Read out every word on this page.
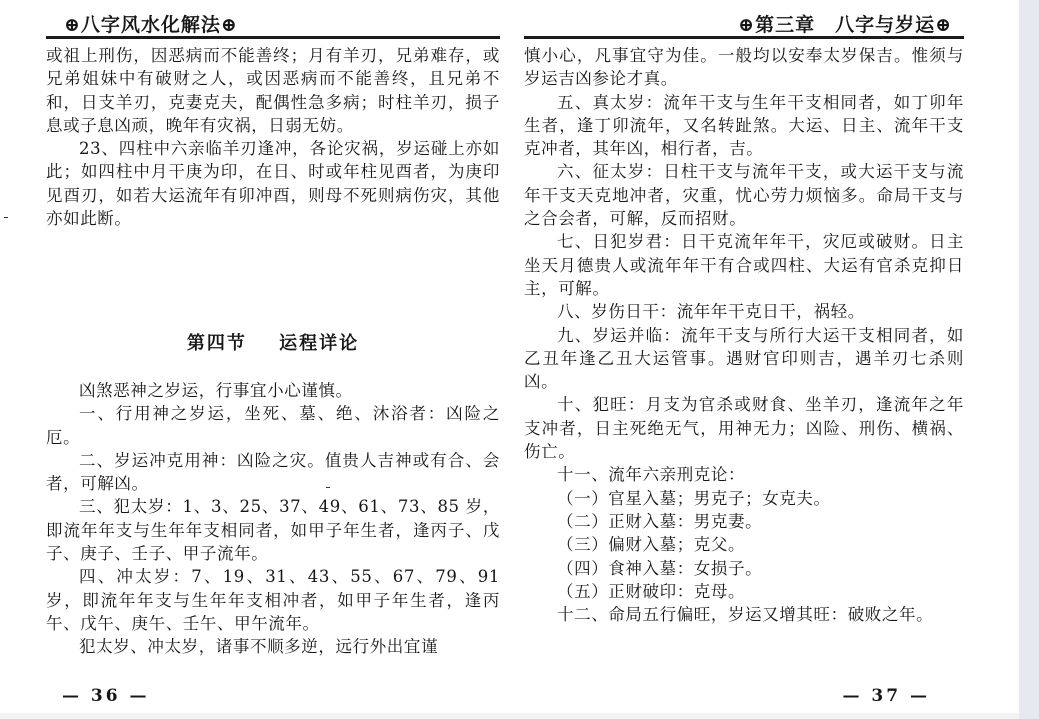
⊕八字风水化解法⊕

或祖上刑伤，因恶病而不能善终；月有羊刃，兄弟难存，或兄弟姐妹中有破财之人，或因恶病而不能善终，且兄弟不和，日支羊刃，克妻克夫，配偶性急多病；时柱羊刃，损子息或子息凶顽，晚年有灾祸，日弱无妨。

23、四柱中六亲临羊刃逢冲，各论灾祸，岁运碰上亦如此；如四柱中月干庚为印，在日、时或年柱见酉者，为庚印见酉刃，如若大运流年有卯冲酉，则母不死则病伤灾，其他亦如此断。

第四节 运程详论

凶煞恶神之岁运，行事宜小心谨慎。

一、行用神之岁运，坐死、墓、绝、沐浴者：凶险之厄。

二、岁运冲克用神：凶险之灾。值贵人吉神或有合、会者，可解凶。

三、犯太岁：1、3、25、37、49、61、73、85 岁，即流年年支与生年年支相同者，如甲子年生者，逢丙子、戊子、庚子、壬子、甲子流年。

四、冲太岁：7、19、31、43、55、67、79、91 岁，即流年年支与生年年支相冲者，如甲子年生者，逢丙午、戊午、庚午、壬午、甲午流年。

犯太岁、冲太岁，诸事不顺多逆，远行外出宜谨

— 36 —
⊕第三章　八字与岁运⊕

慎小心，凡事宜守为佳。一般均以安奉太岁保吉。惟须与岁运吉凶参论才真。

五、真太岁：流年干支与生年干支相同者，如丁卯年生者，逢丁卯流年，又名转趾煞。大运、日主、流年干支克冲者，其年凶，相行者，吉。

六、征太岁：日柱干支与流年干支，或大运干支与流年干支天克地冲者，灾重，忧心劳力烦恼多。命局干支与之合会者，可解，反而招财。

七、日犯岁君：日干克流年年干，灾厄或破财。日主坐天月德贵人或流年年干有合或四柱、大运有官杀克抑日主，可解。

八、岁伤日干：流年年干克日干，祸轻。

九、岁运并临：流年干支与所行大运干支相同者，如乙丑年逢乙丑大运管事。遇财官印则吉，遇羊刃七杀则凶。

十、犯旺：月支为官杀或财食、坐羊刃，逢流年之年支冲者，日主死绝无气，用神无力；凶险、刑伤、横祸、伤亡。

十一、流年六亲刑克论：

（一）官星入墓；男克子；女克夫。

（二）正财入墓：男克妻。

（三）偏财入墓；克父。

（四）食神入墓：女损子。

（五）正财破印：克母。

十二、命局五行偏旺，岁运又增其旺：破败之年。

— 37 —
